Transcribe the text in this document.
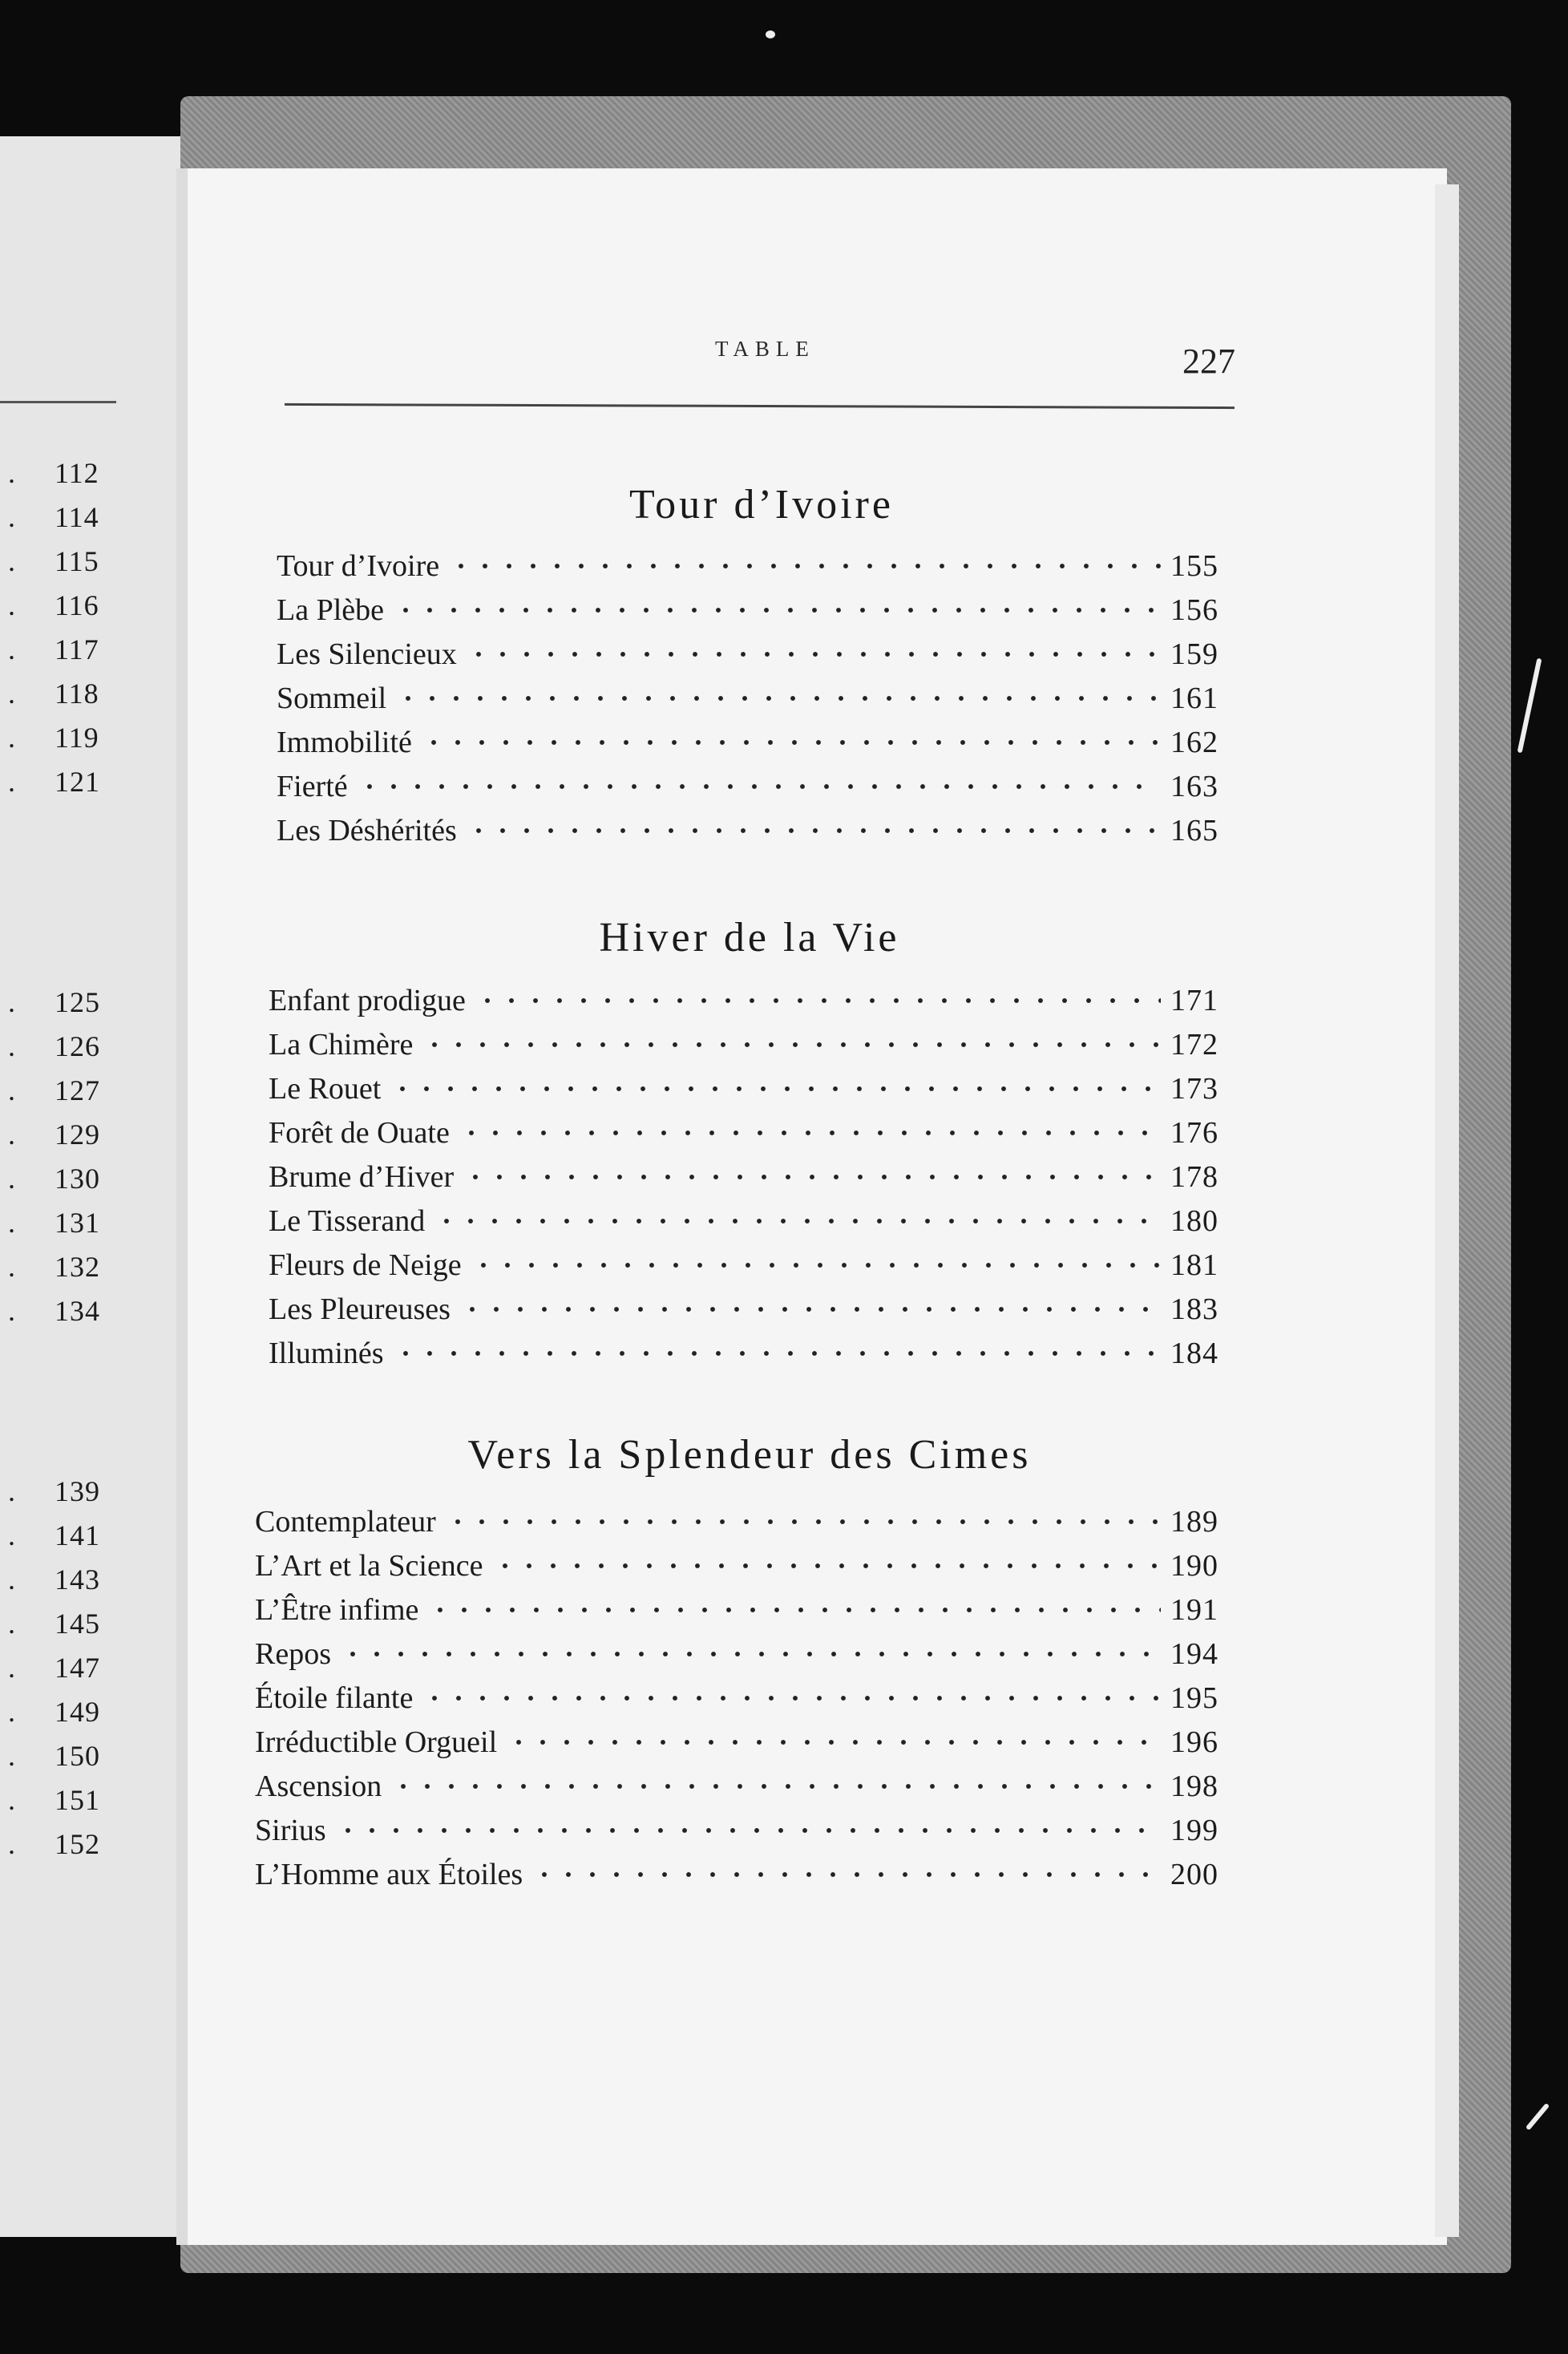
. 112
. 114
. 115
. 116
. 117
. 118
. 119
. 121
. 125
. 126
. 127
. 129
. 130
. 131
. 132
. 134
. 139
. 141
. 143
. 145
. 147
. 149
. 150
. 151
. 152
TABLE	227
Tour d’Ivoire
Tour d’Ivoire	155
La Plèbe	156
Les Silencieux	159
Sommeil	161
Immobilité	162
Fierté	163
Les Déshérités	165
Hiver de la Vie
Enfant prodigue	171
La Chimère	172
Le Rouet	173
Forêt de Ouate	176
Brume d’Hiver	178
Le Tisserand	180
Fleurs de Neige	181
Les Pleureuses	183
Illuminés	184
Vers la Splendeur des Cimes
Contemplateur	189
L’Art et la Science	190
L’Être infime	191
Repos	194
Étoile filante	195
Irréductible Orgueil	196
Ascension	198
Sirius	199
L’Homme aux Étoiles	200
